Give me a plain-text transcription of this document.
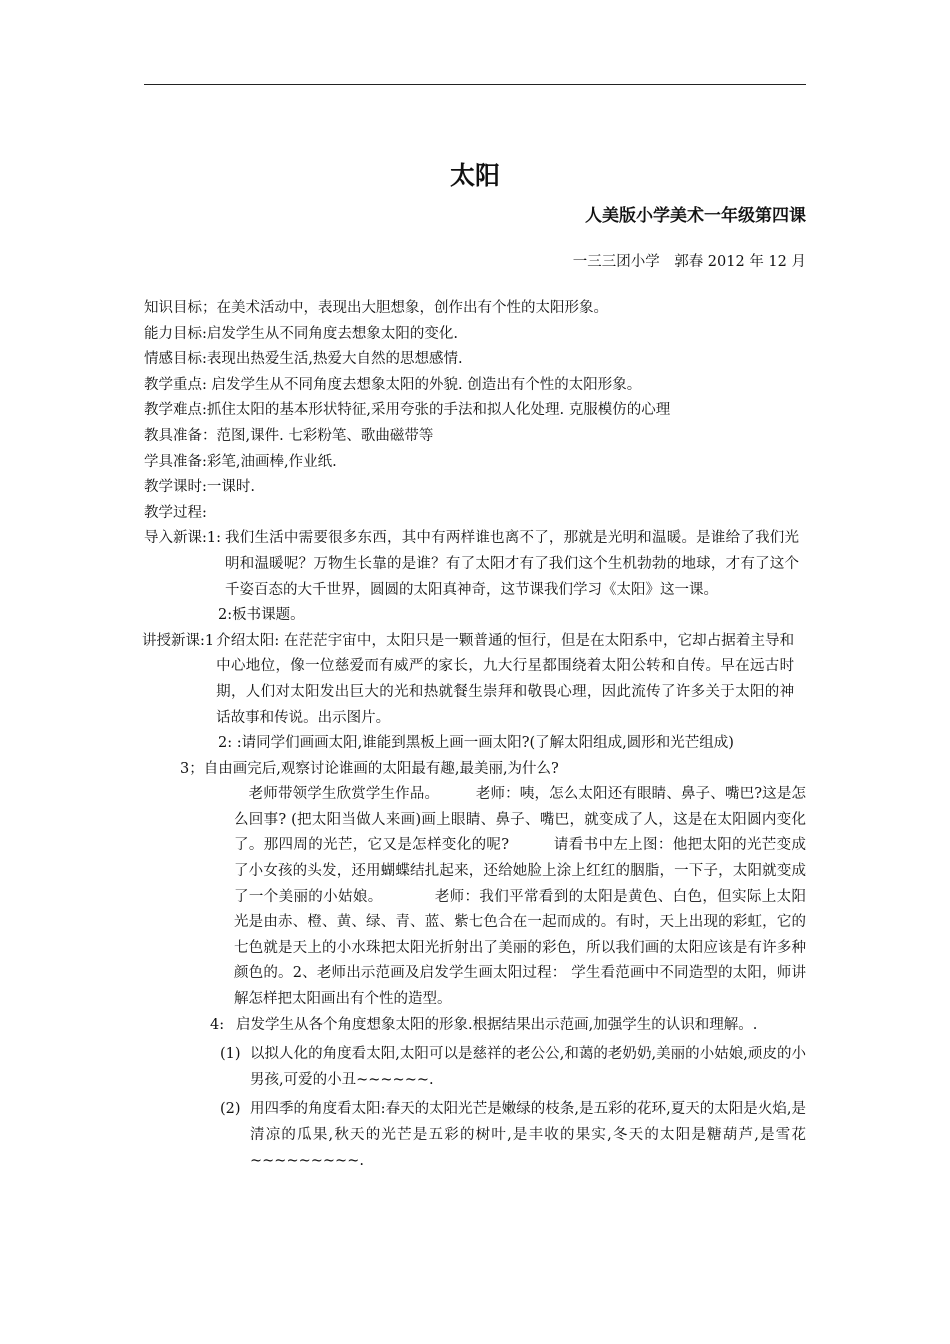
太阳
人美版小学美术一年级第四课
一三三团小学　郭春 2012 年 12 月
知识目标；在美术活动中，表现出大胆想象，创作出有个性的太阳形象。
能力目标:启发学生从不同角度去想象太阳的变化.
情感目标:表现出热爱生活,热爱大自然的思想感情.
教学重点: 启发学生从不同角度去想象太阳的外貌. 创造出有个性的太阳形象。
教学难点:抓住太阳的基本形状特征,采用夸张的手法和拟人化处理. 克服模仿的心理
教具准备：范图,课件. 七彩粉笔、歌曲磁带等
学具准备:彩笔,油画棒,作业纸.
教学课时:一课时.
教学过程:
导入新课: 1: 我们生活中需要很多东西，其中有两样谁也离不了，那就是光明和温暖。是谁给了我们光明和温暖呢？万物生长靠的是谁？有了太阳才有了我们这个生机勃勃的地球，才有了这个千姿百态的大千世界，圆圆的太阳真神奇，这节课我们学习《太阳》这一课。
2:板书课题。
讲授新课: 1 介绍太阳: 在茫茫宇宙中，太阳只是一颗普通的恒行，但是在太阳系中，它却占据着主导和中心地位，像一位慈爱而有威严的家长，九大行星都围绕着太阳公转和自传。早在远古时期，人们对太阳发出巨大的光和热就餐生崇拜和敬畏心理，因此流传了许多关于太阳的神话故事和传说。出示图片。
2: :请同学们画画太阳,谁能到黑板上画一画太阳?(了解太阳组成,圆形和光芒组成)
3；自由画完后,观察讨论谁画的太阳最有趣,最美丽,为什么?
　老师带领学生欣赏学生作品。　　　老师：咦，怎么太阳还有眼睛、鼻子、嘴巴?这是怎么回事? (把太阳当做人来画)画上眼睛、鼻子、嘴巴，就变成了人，这是在太阳圆内变化了。那四周的光芒，它又是怎样变化的呢?　　　请看书中左上图：他把太阳的光芒变成了小女孩的头发，还用蝴蝶结扎起来，还给她脸上涂上红红的胭脂，一下子，太阳就变成了一个美丽的小姑娘。　　　　老师：我们平常看到的太阳是黄色、白色，但实际上太阳光是由赤、橙、黄、绿、青、蓝、紫七色合在一起而成的。有时，天上出现的彩虹，它的七色就是天上的小水珠把太阳光折射出了美丽的彩色，所以我们画的太阳应该是有许多种颜色的。2、老师出示范画及启发学生画太阳过程： 学生看范画中不同造型的太阳，师讲解怎样把太阳画出有个性的造型。
4: 启发学生从各个角度想象太阳的形象.根据结果出示范画,加强学生的认识和理解。.
(1) 以拟人化的角度看太阳,太阳可以是慈祥的老公公,和蔼的老奶奶,美丽的小姑娘,顽皮的小男孩,可爱的小丑~~~~~~.
(2) 用四季的角度看太阳:春天的太阳光芒是嫩绿的枝条,是五彩的花环,夏天的太阳是火焰,是清凉的瓜果,秋天的光芒是五彩的树叶,是丰收的果实,冬天的太阳是糖葫芦,是雪花~~~~~~~~~.
